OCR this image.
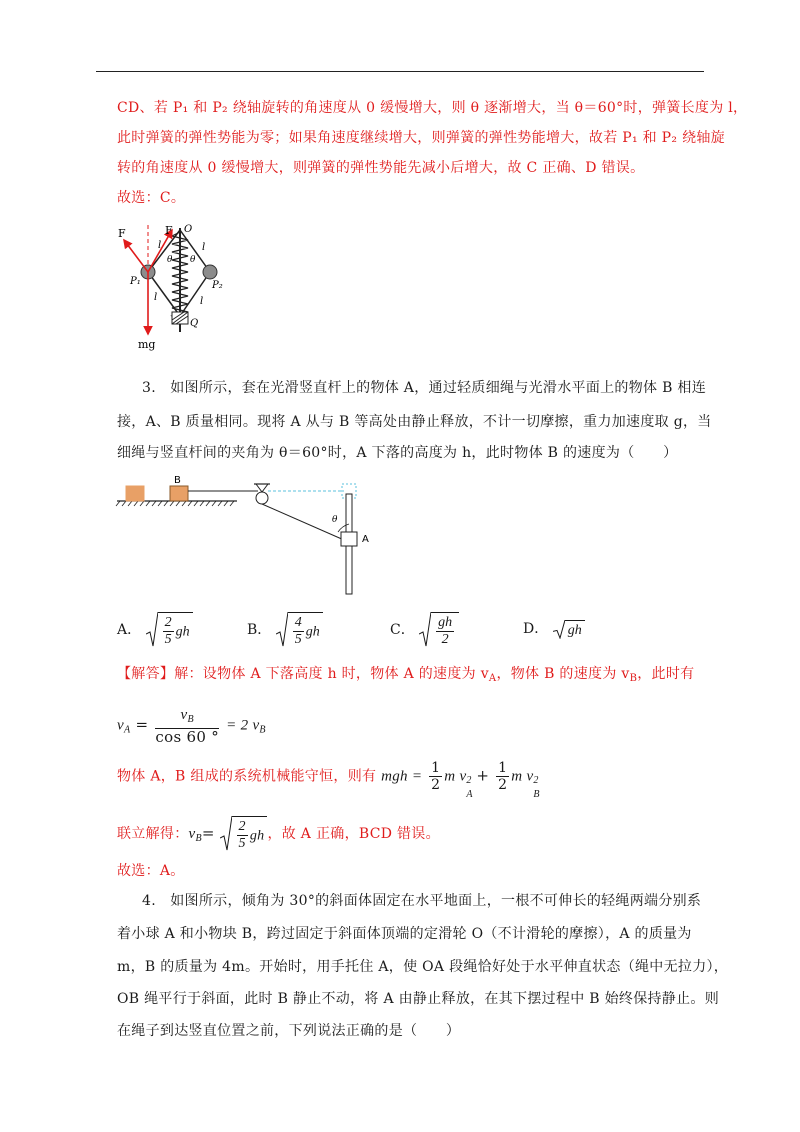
CD、若 P₁ 和 P₂ 绕轴旋转的角速度从 0 缓慢增大，则 θ 逐渐增大，当 θ＝60°时，弹簧长度为 l，
此时弹簧的弹性势能为零；如果角速度继续增大，则弹簧的弹性势能增大，故若 P₁ 和 P₂ 绕轴旋
转的角速度从 0 缓慢增大，则弹簧的弹性势能先减小后增大，故 C 正确、D 错误。
故选：C。
F	F O
l
θ θ
l
l	l
P₁	P₂
Q
mg
3.　如图所示，套在光滑竖直杆上的物体 A，通过轻质细绳与光滑水平面上的物体 B 相连
接，A、B 质量相同。现将 A 从与 B 等高处由静止释放，不计一切摩擦，重力加速度取 g，当
细绳与竖直杆间的夹角为 θ＝60°时，A 下落的高度为 h，此时物体 B 的速度为（　　）
B
A
θ
A． $\frac{2}{5}$ gh	B． $\frac{4}{5}$ gh	C． $\frac{gh}{2}$	D． gh
【解答】解：设物体 A 下落高度 h 时，物体 A 的速度为 $v_A$，物体 B 的速度为 $v_B$，此时有
$v_A = \frac{v_B}{\cos 60 ^\circ} = 2$ $v_B$
物体 A，B 组成的系统机械能守恒，则有 mgh = $\frac{1}{2}$ m v 2
A
+ $\frac{1}{2}$ m v 2
B
联立解得：$v_B= \frac{2}{5}$ gh ，故 A 正确，BCD 错误。
故选：A。
4.　如图所示，倾角为 30°的斜面体固定在水平地面上，一根不可伸长的轻绳两端分别系
着小球 A 和小物块 B，跨过固定于斜面体顶端的定滑轮 O（不计滑轮的摩擦），A 的质量为
m，B 的质量为 4m。开始时，用手托住 A，使 OA 段绳恰好处于水平伸直状态（绳中无拉力），
OB 绳平行于斜面，此时 B 静止不动，将 A 由静止释放，在其下摆过程中 B 始终保持静止。则
在绳子到达竖直位置之前，下列说法正确的是（　　）
